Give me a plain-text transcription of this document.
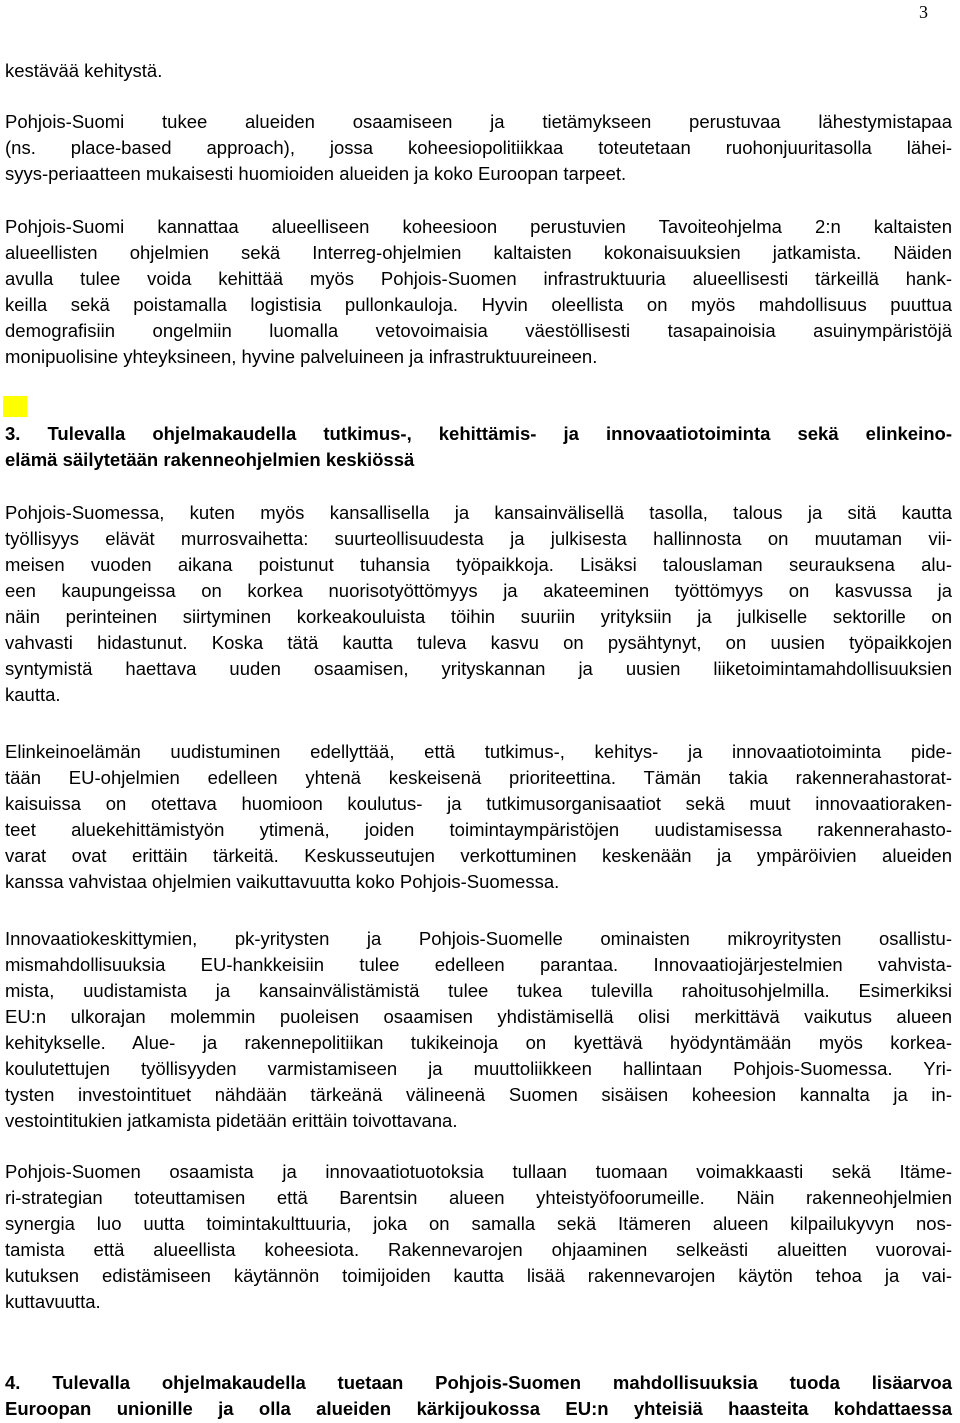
3
kestävää kehitystä.
Pohjois-Suomi tukee alueiden osaamiseen ja tietämykseen perustuvaa lähestymistapaa
(ns. place-based approach), jossa koheesiopolitiikkaa toteutetaan ruohonjuuritasolla lähei-
syys-periaatteen mukaisesti huomioiden alueiden ja koko Euroopan tarpeet.
Pohjois-Suomi kannattaa alueelliseen koheesioon perustuvien Tavoiteohjelma 2:n kaltaisten
alueellisten ohjelmien sekä Interreg-ohjelmien kaltaisten kokonaisuuksien jatkamista. Näiden
avulla tulee voida kehittää myös Pohjois-Suomen infrastruktuuria alueellisesti tärkeillä hank-
keilla sekä poistamalla logistisia pullonkauloja. Hyvin oleellista on myös mahdollisuus puuttua
demografisiin ongelmiin luomalla vetovoimaisia väestöllisesti tasapainoisia asuinympäristöjä
monipuolisine yhteyksineen, hyvine palveluineen ja infrastruktuureineen.
3. Tulevalla ohjelmakaudella tutkimus-, kehittämis- ja innovaatiotoiminta sekä elinkeino-
elämä säilytetään rakenneohjelmien keskiössä
Pohjois-Suomessa, kuten myös kansallisella ja kansainvälisellä tasolla, talous ja sitä kautta
työllisyys elävät murrosvaihetta: suurteollisuudesta ja julkisesta hallinnosta on muutaman vii-
meisen vuoden aikana poistunut tuhansia työpaikkoja. Lisäksi talouslaman seurauksena alu-
een kaupungeissa on korkea nuorisotyöttömyys ja akateeminen työttömyys on kasvussa ja
näin perinteinen siirtyminen korkeakouluista töihin suuriin yrityksiin ja julkiselle sektorille on
vahvasti hidastunut. Koska tätä kautta tuleva kasvu on pysähtynyt, on uusien työpaikkojen
syntymistä haettava uuden osaamisen, yrityskannan ja uusien liiketoimintamahdollisuuksien
kautta.
Elinkeinoelämän uudistuminen edellyttää, että tutkimus-, kehitys- ja innovaatiotoiminta pide-
tään EU-ohjelmien edelleen yhtenä keskeisenä prioriteettina. Tämän takia rakennerahastorat-
kaisuissa on otettava huomioon koulutus- ja tutkimusorganisaatiot sekä muut innovaatioraken-
teet aluekehittämistyön ytimenä, joiden toimintaympäristöjen uudistamisessa rakennerahasto-
varat ovat erittäin tärkeitä. Keskusseutujen verkottuminen keskenään ja ympäröivien alueiden
kanssa vahvistaa ohjelmien vaikuttavuutta koko Pohjois-Suomessa.
Innovaatiokeskittymien, pk-yritysten ja Pohjois-Suomelle ominaisten mikroyritysten osallistu-
mismahdollisuuksia EU-hankkeisiin tulee edelleen parantaa. Innovaatiojärjestelmien vahvista-
mista, uudistamista ja kansainvälistämistä tulee tukea tulevilla rahoitusohjelmilla. Esimerkiksi
EU:n ulkorajan molemmin puoleisen osaamisen yhdistämisellä olisi merkittävä vaikutus alueen
kehitykselle. Alue- ja rakennepolitiikan tukikeinoja on kyettävä hyödyntämään myös korkea-
koulutettujen työllisyyden varmistamiseen ja muuttoliikkeen hallintaan Pohjois-Suomessa. Yri-
tysten investointituet nähdään tärkeänä välineenä Suomen sisäisen koheesion kannalta ja in-
vestointitukien jatkamista pidetään erittäin toivottavana.
Pohjois-Suomen osaamista ja innovaatiotuotoksia tullaan tuomaan voimakkaasti sekä Itäme-
ri-strategian toteuttamisen että Barentsin alueen yhteistyöfoorumeille. Näin rakenneohjelmien
synergia luo uutta toimintakulttuuria, joka on samalla sekä Itämeren alueen kilpailukyvyn nos-
tamista että alueellista koheesiota. Rakennevarojen ohjaaminen selkeästi alueitten vuorovai-
kutuksen edistämiseen käytännön toimijoiden kautta lisää rakennevarojen käytön tehoa ja vai-
kuttavuutta.
4. Tulevalla ohjelmakaudella tuetaan Pohjois-Suomen mahdollisuuksia tuoda lisäarvoa
Euroopan unionille ja olla alueiden kärkijoukossa EU:n yhteisiä haasteita kohdattaessa
